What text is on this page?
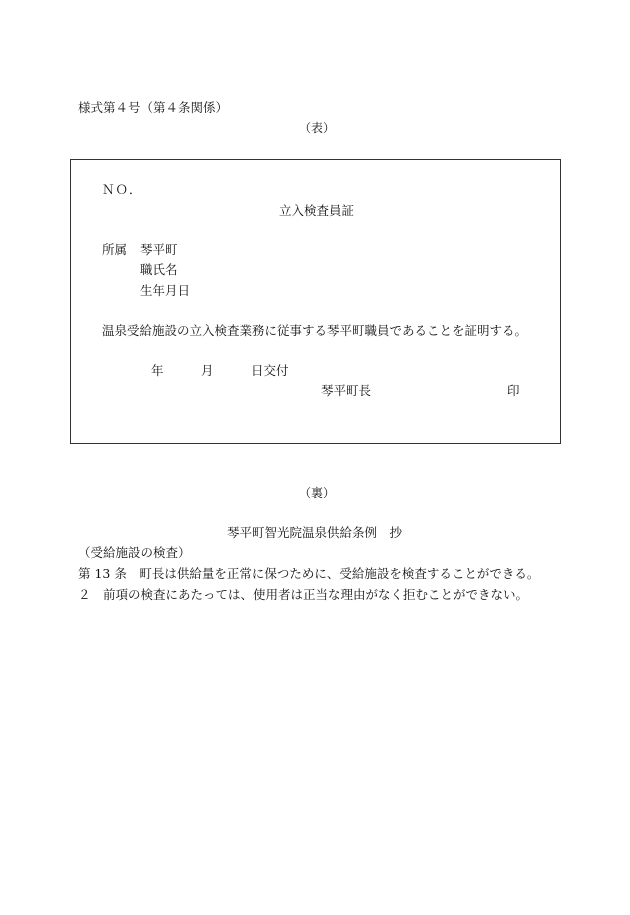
様式第４号（第４条関係）
（表）
ＮＯ．
立入検査員証
所属 琴平町
職氏名
生年月日
温泉受給施設の立入検査業務に従事する琴平町職員であることを証明する。
年	月	日交付
琴平町長	印
（裏）
琴平町智光院温泉供給条例　抄
（受給施設の検査）
第 13 条　町長は供給量を正常に保つために、受給施設を検査することができる。
２　前項の検査にあたっては、使用者は正当な理由がなく拒むことができない。
